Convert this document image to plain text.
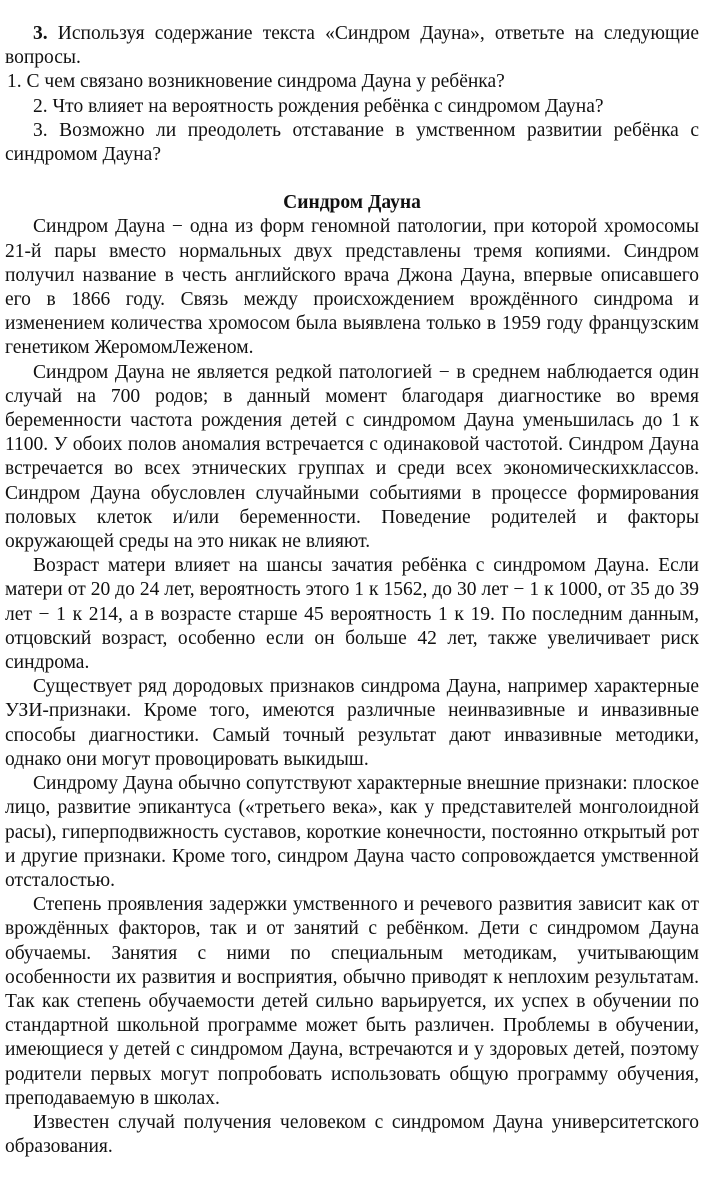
3. Используя содержание текста «Синдром Дауна», ответьте на следующие вопросы.

1. С чем связано возникновение синдрома Дауна у ребёнка?

2. Что влияет на вероятность рождения ребёнка с синдромом Дауна?

3. Возможно ли преодолеть отставание в умственном развитии ребёнка с синдромом Дауна?

Синдром Дауна

Синдром Дауна − одна из форм геномной патологии, при которой хромосомы 21-й пары вместо нормальных двух представлены тремя копиями. Синдром получил название в честь английского врача Джона Дауна, впервые описавшего его в 1866 году. Связь между происхождением врождённого синдрома и изменением количества хромосом была выявлена только в 1959 году французским генетиком ЖеромомЛеженом.

Синдром Дауна не является редкой патологией − в среднем наблюдается один случай на 700 родов; в данный момент благодаря диагностике во время беременности частота рождения детей с синдромом Дауна уменьшилась до 1 к 1100. У обоих полов аномалия встречается с одинаковой частотой. Синдром Дауна встречается во всех этнических группах и среди всех экономическихклассов. Синдром Дауна обусловлен случайными событиями в процессе формирования половых клеток и/или беременности. Поведение родителей и факторы окружающей среды на это никак не влияют.

Возраст матери влияет на шансы зачатия ребёнка с синдромом Дауна. Если матери от 20 до 24 лет, вероятность этого 1 к 1562, до 30 лет − 1 к 1000, от 35 до 39 лет − 1 к 214, а в возрасте старше 45 вероятность 1 к 19. По последним данным, отцовский возраст, особенно если он больше 42 лет, также увеличивает риск синдрома.

Существует ряд дородовых признаков синдрома Дауна, например характерные УЗИ-признаки. Кроме того, имеются различные неинвазивные и инвазивные способы диагностики. Самый точный результат дают инвазивные методики, однако они могут провоцировать выкидыш.

Синдрому Дауна обычно сопутствуют характерные внешние признаки: плоское лицо, развитие эпикантуса («третьего века», как у представителей монголоидной расы), гиперподвижность суставов, короткие конечности, постоянно открытый рот и другие признаки. Кроме того, синдром Дауна часто сопровождается умственной отсталостью.

Степень проявления задержки умственного и речевого развития зависит как от врождённых факторов, так и от занятий с ребёнком. Дети с синдромом Дауна обучаемы. Занятия с ними по специальным методикам, учитывающим особенности их развития и восприятия, обычно приводят к неплохим результатам. Так как степень обучаемости детей сильно варьируется, их успех в обучении по стандартной школьной программе может быть различен. Проблемы в обучении, имеющиеся у детей с синдромом Дауна, встречаются и у здоровых детей, поэтому родители первых могут попробовать использовать общую программу обучения, преподаваемую в школах.

Известен случай получения человеком с синдромом Дауна университетского образования.
